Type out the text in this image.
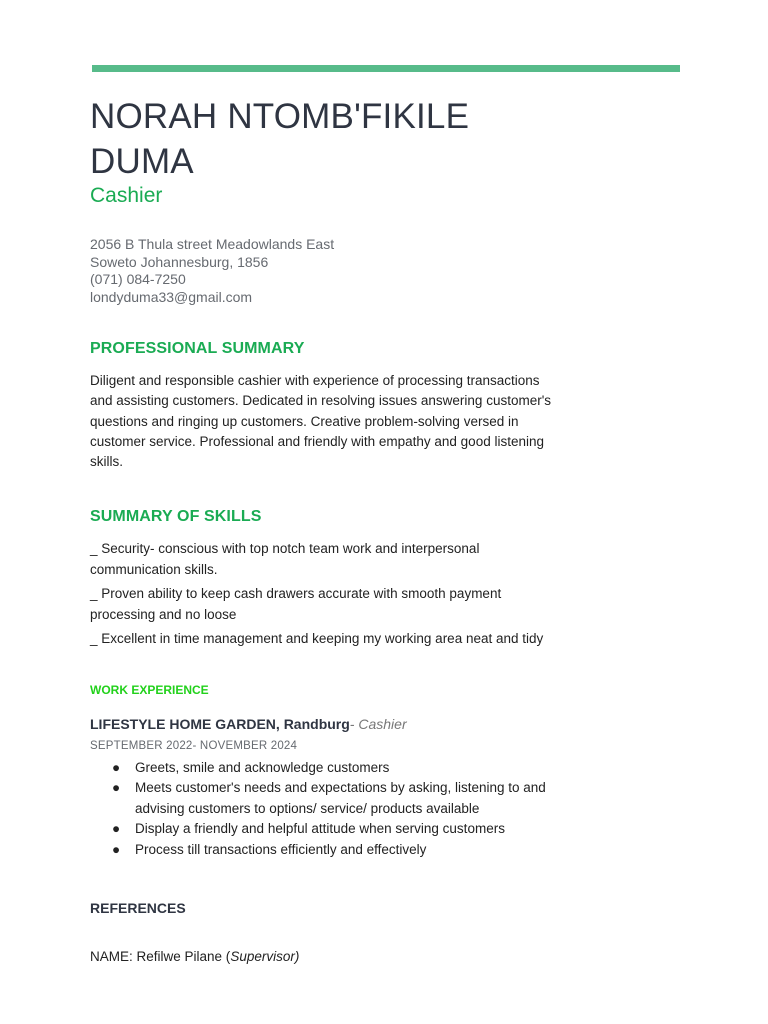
NORAH NTOMB'FIKILE
DUMA
Cashier
2056 B Thula street Meadowlands East
Soweto Johannesburg, 1856
(071) 084-7250
londyduma33@gmail.com
PROFESSIONAL SUMMARY
Diligent and responsible cashier with experience of processing transactions and assisting customers. Dedicated in resolving issues answering customer's questions and ringing up customers. Creative problem-solving versed in customer service. Professional and friendly with empathy and good listening skills.
SUMMARY OF SKILLS
_ Security- conscious with top notch team work and interpersonal communication skills.
_ Proven ability to keep cash drawers accurate with smooth payment processing and no loose
_ Excellent in time management and keeping my working area neat and tidy
WORK EXPERIENCE
LIFESTYLE HOME GARDEN, Randburg- Cashier
SEPTEMBER 2022- NOVEMBER 2024
● Greets, smile and acknowledge customers
● Meets customer's needs and expectations by asking, listening to and advising customers to options/ service/ products available
● Display a friendly and helpful attitude when serving customers
● Process till transactions efficiently and effectively
REFERENCES
NAME: Refilwe Pilane (Supervisor)
